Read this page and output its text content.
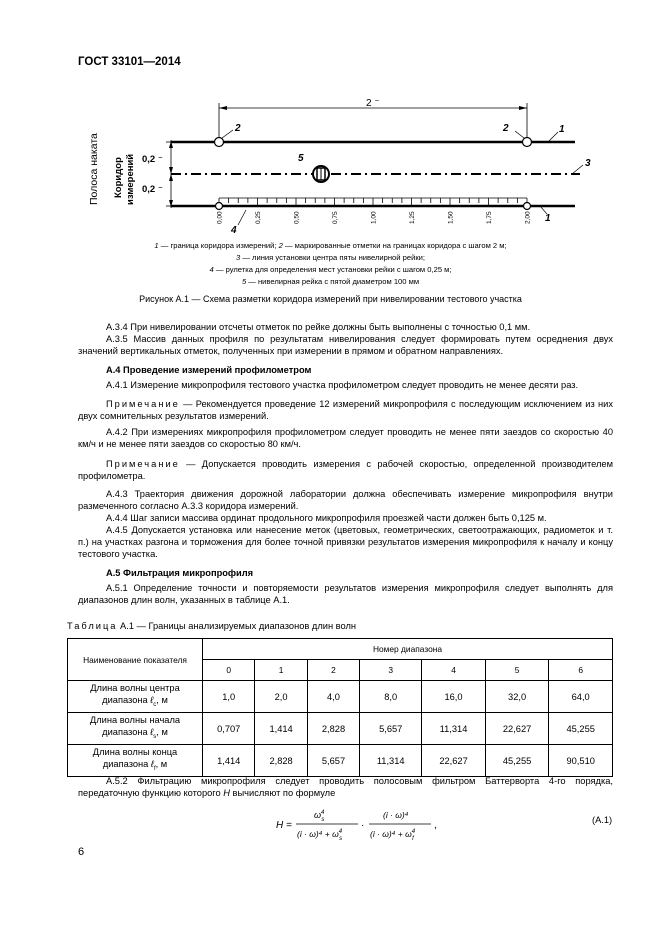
ГОСТ 33101—2014
2 ⁻
Полоса наката Коридор измерений 0,2 ⁻
0,2 ⁻
0,00	0,25	0,50	0,75	1,00	1,25	1,50	1,75	2,00
2	2	1
3
1
4
5
1 — граница коридора измерений; 2 — маркированные отметки на границах коридора с шагом 2 м;
3 — линия установки центра пяты нивелирной рейки;
4 — рулетка для определения мест установки рейки с шагом 0,25 м;
5 — нивелирная рейка с пятой диаметром 100 мм
Рисунок А.1 — Схема разметки коридора измерений при нивелировании тестового участка
А.3.4 При нивелировании отсчеты отметок по рейке должны быть выполнены с точностью 0,1 мм.
А.3.5 Массив данных профиля по результатам нивелирования следует формировать путем осреднения двух значений вертикальных отметок, полученных при измерении в прямом и обратном направлениях.
А.4 Проведение измерений профилометром
А.4.1 Измерение микропрофиля тестового участка профилометром следует проводить не менее десяти раз.
Примечание — Рекомендуется проведение 12 измерений микропрофиля с последующим исключением из них двух сомнительных результатов измерений.
А.4.2 При измерениях микропрофиля профилометром следует проводить не менее пяти заездов со скоростью 40 км/ч и не менее пяти заездов со скоростью 80 км/ч.
Примечание — Допускается проводить измерения с рабочей скоростью, определенной производителем профилометра.
А.4.3 Траектория движения дорожной лаборатории должна обеспечивать измерение микропрофиля внутри размеченного согласно А.3.3 коридора измерений.
А.4.4 Шаг записи массива ординат продольного микропрофиля проезжей части должен быть 0,125 м.
А.4.5 Допускается установка или нанесение меток (цветовых, геометрических, светоотражающих, радиометок и т. п.) на участках разгона и торможения для более точной привязки результатов измерения микропрофиля к началу и концу тестового участка.
А.5 Фильтрация микропрофиля
А.5.1 Определение точности и повторяемости результатов измерения микропрофиля следует выполнять для диапазонов длин волн, указанных в таблице А.1.
Таблица А.1 — Границы анализируемых диапазонов длин волн
Наименование показателя	Номер диапазона						
	0	1	2	3	4	5	6
Длина волны центра
диапазона ℓ$_c$, м	1,0	2,0	4,0	8,0	16,0	32,0	64,0
Длина волны начала
диапазона ℓ$_s$, м	0,707	1,414	2,828	5,657	11,314	22,627	45,255
Длина волны конца
диапазона ℓ$_f$, м	1,414	2,828	5,657	11,314	22,627	45,255	90,510
А.5.2 Фильтрацию микропрофиля следует проводить полосовым фильтром Баттерворта 4-го порядка, передаточную функцию которого H вычисляют по формуле
H =
$\omega^4$ s
$(i \cdot \omega)^4 + \omega^4$ s
·
(i · ω)⁴
$(i \cdot \omega)^4 + \omega^4$ f
,	(А.1)
6
